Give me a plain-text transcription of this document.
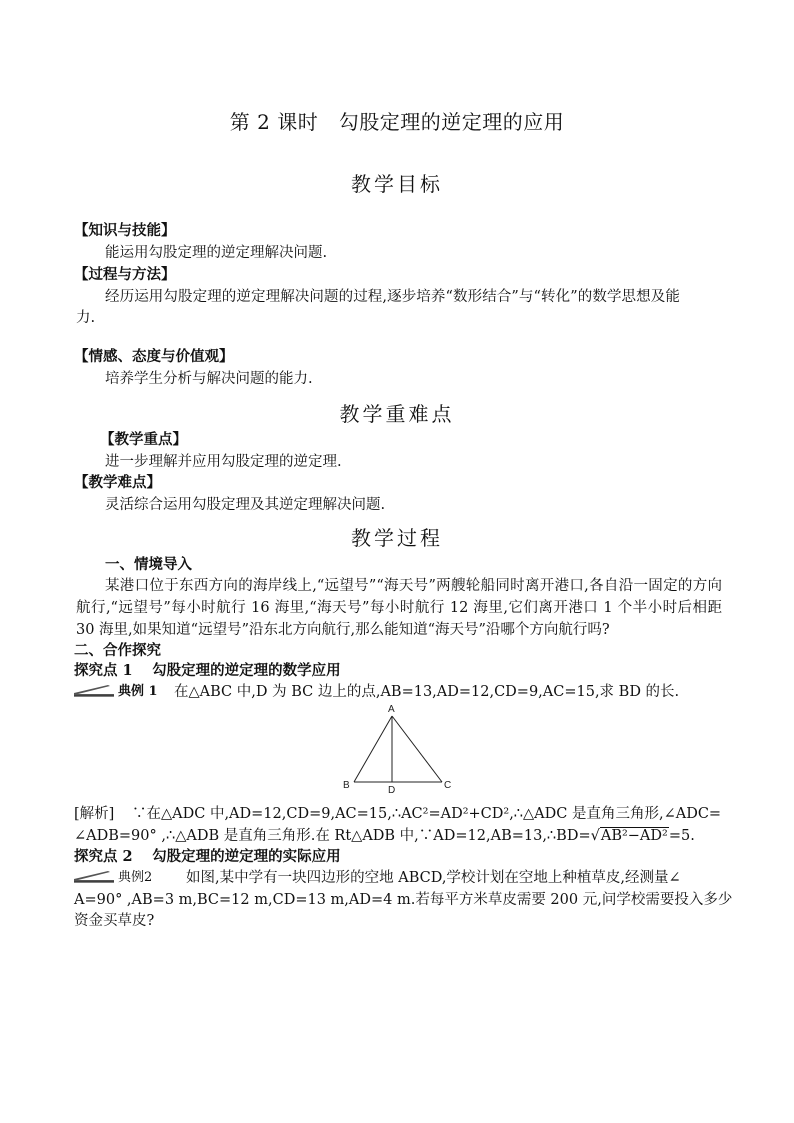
第 2 课时　勾股定理的逆定理的应用
教学目标
【知识与技能】
能运用勾股定理的逆定理解决问题.
【过程与方法】
经历运用勾股定理的逆定理解决问题的过程,逐步培养“数形结合”与“转化”的数学思想及能
力.
【情感、态度与价值观】
培养学生分析与解决问题的能力.
教学重难点
【教学重点】
进一步理解并应用勾股定理的逆定理.
【教学难点】
灵活综合运用勾股定理及其逆定理解决问题.
教学过程
一、情境导入
某港口位于东西方向的海岸线上,“远望号”“海天号”两艘轮船同时离开港口,各自沿一固定的方向航行,“远望号”每小时航行 16 海里,“海天号”每小时航行 12 海里,它们离开港口 1 个半小时后相距 30 海里,如果知道“远望号”沿东北方向航行,那么能知道“海天号”沿哪个方向航行吗?
二、合作探究
探究点 1　 勾股定理的逆定理的数学应用
典例 1 在△ABC 中,D 为 BC 边上的点,AB=13,AD=12,CD=9,AC=15,求 BD 的长.
A
B	C
D
[解析] ∵在△ADC 中,AD=12,CD=9,AC=15,∴AC²=AD²+CD²,∴△ADC 是直角三角形,∠ADC=
∠ADB=90° ,∴△ADB 是直角三角形.在 Rt△ADB 中,∵AD=12,AB=13,∴BD=√AB²−AD²=5.
探究点 2　 勾股定理的逆定理的实际应用
典例2 如图,某中学有一块四边形的空地 ABCD,学校计划在空地上种植草皮,经测量∠
A=90° ,AB=3 m,BC=12 m,CD=13 m,AD=4 m.若每平方米草皮需要 200 元,问学校需要投入多少
资金买草皮?
